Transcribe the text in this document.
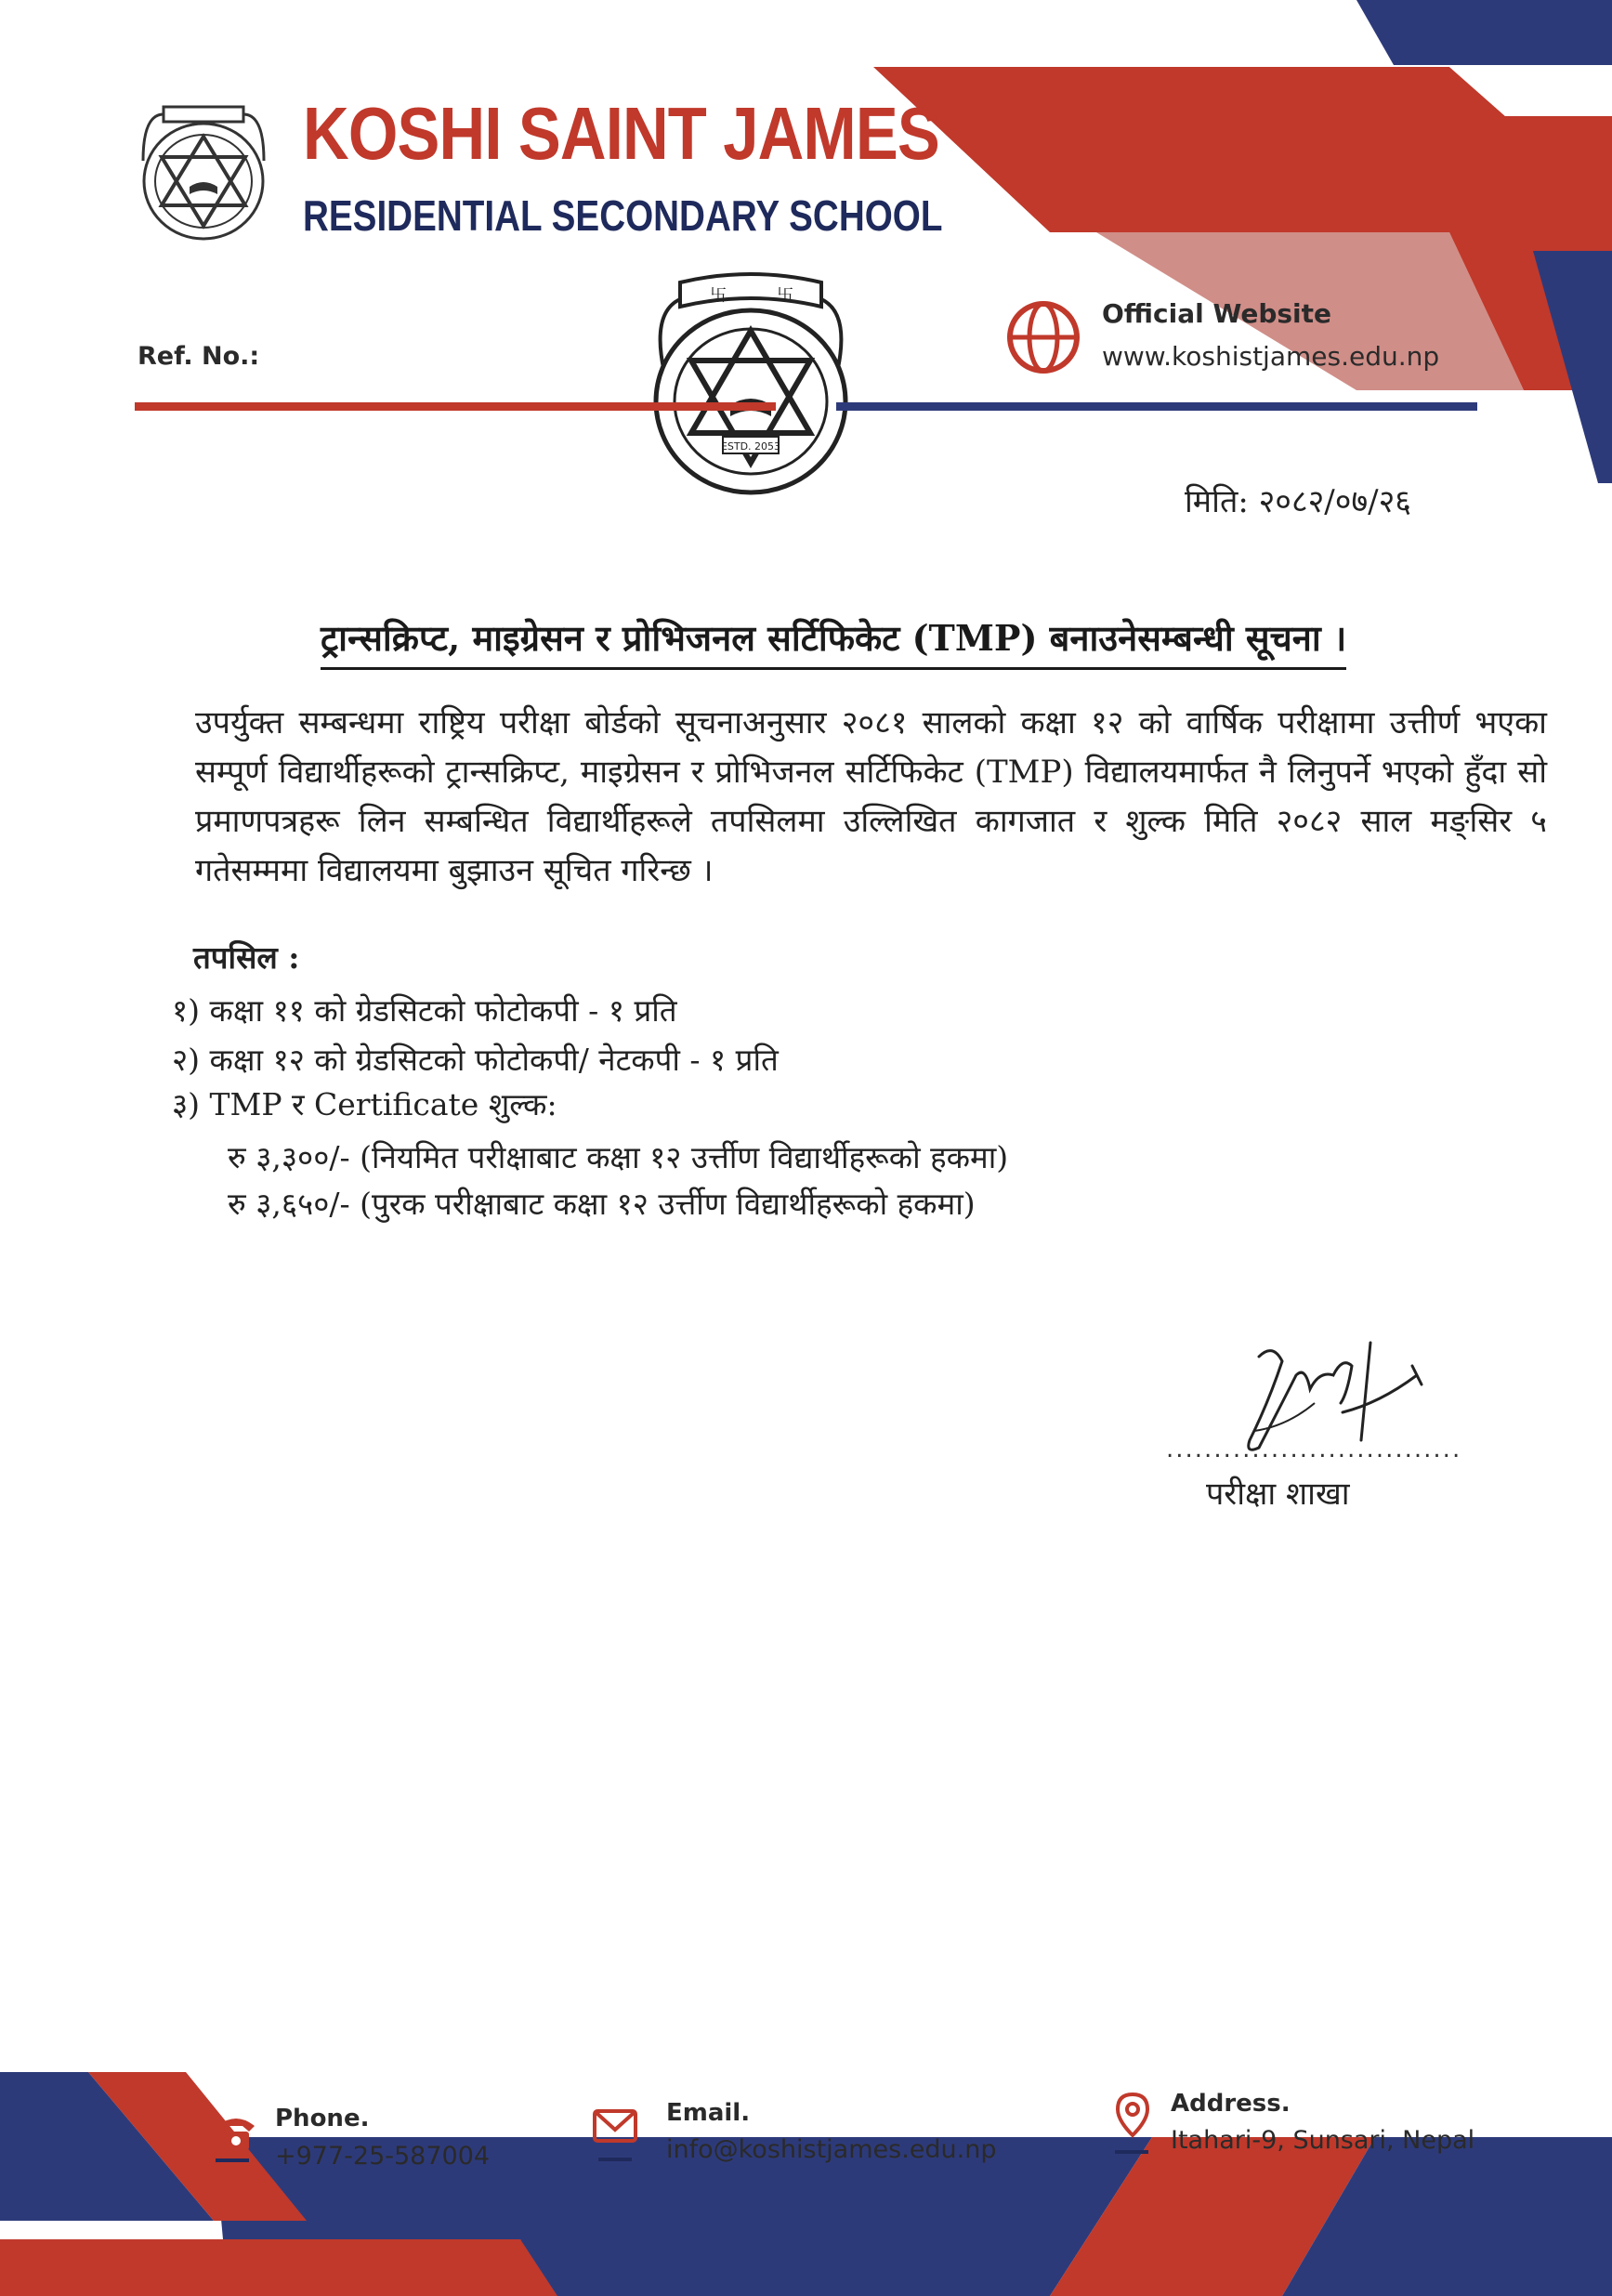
KOSHI SAINT JAMES
RESIDENTIAL SECONDARY SCHOOL
Ref. No.:
卐	卐
ESTD. 2053
Official Website
www.koshistjames.edu.np
मिति: २०८२/०७/२६
ट्रान्सक्रिप्ट, माइग्रेसन र प्रोभिजनल सर्टिफिकेट (TMP) बनाउनेसम्बन्धी सूचना ।
उपर्युक्त सम्बन्धमा राष्ट्रिय परीक्षा बोर्डको सूचनाअनुसार २०८१ सालको कक्षा १२ को वार्षिक परीक्षामा उत्तीर्ण भएका सम्पूर्ण विद्यार्थीहरूको ट्रान्सक्रिप्ट, माइग्रेसन र प्रोभिजनल सर्टिफिकेट (TMP) विद्यालयमार्फत नै लिनुपर्ने भएको हुँदा सो प्रमाणपत्रहरू लिन सम्बन्धित विद्यार्थीहरूले तपसिलमा उल्लिखित कागजात र शुल्क मिति २०८२ साल मङ्सिर ५ गतेसम्ममा विद्यालयमा बुझाउन सूचित गरिन्छ ।
तपसिल :
१) कक्षा ११ को ग्रेडसिटको फोटोकपी - १ प्रति
२) कक्षा १२ को ग्रेडसिटको फोटोकपी/ नेटकपी - १ प्रति
३) TMP र Certificate शुल्क:
रु ३,३००/- (नियमित परीक्षाबाट कक्षा १२ उर्त्तीण विद्यार्थीहरूको हकमा)
रु ३,६५०/- (पुरक परीक्षाबाट कक्षा १२ उर्त्तीण विद्यार्थीहरूको हकमा)
...............................
परीक्षा शाखा
Phone.
+977-25-587004
Email.
info@koshistjames.edu.np
Address.
Itahari-9, Sunsari, Nepal
